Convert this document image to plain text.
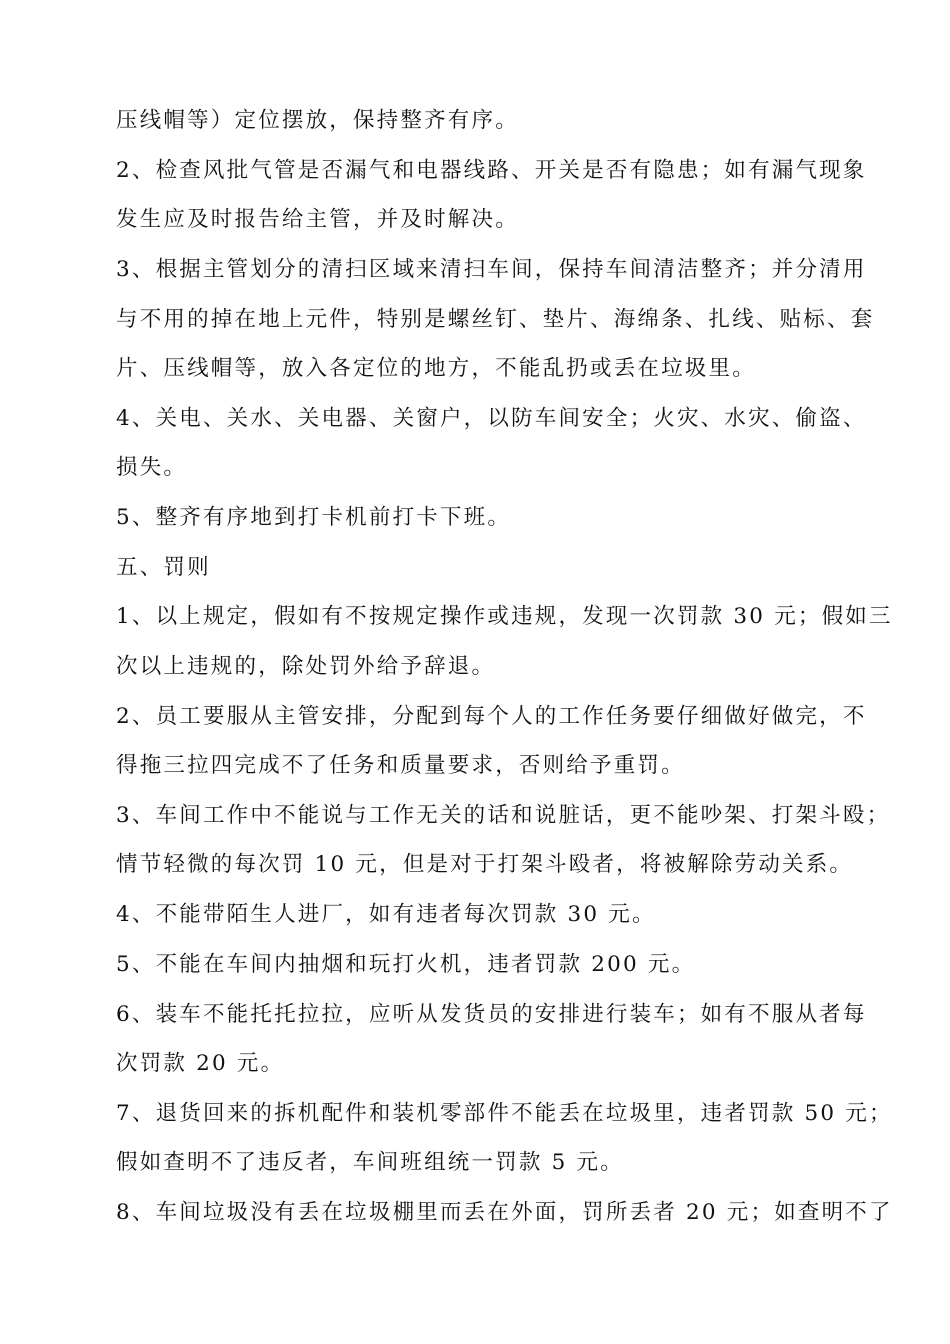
压线帽等）定位摆放，保持整齐有序。
2、检查风批气管是否漏气和电器线路、开关是否有隐患；如有漏气现象
发生应及时报告给主管，并及时解决。
3、根据主管划分的清扫区域来清扫车间，保持车间清洁整齐；并分清用
与不用的掉在地上元件，特别是螺丝钉、垫片、海绵条、扎线、贴标、套
片、压线帽等，放入各定位的地方，不能乱扔或丢在垃圾里。
4、关电、关水、关电器、关窗户，以防车间安全；火灾、水灾、偷盗、
损失。
5、整齐有序地到打卡机前打卡下班。
五、罚则
1、以上规定，假如有不按规定操作或违规，发现一次罚款 30 元；假如三
次以上违规的，除处罚外给予辞退。
2、员工要服从主管安排，分配到每个人的工作任务要仔细做好做完，不
得拖三拉四完成不了任务和质量要求，否则给予重罚。
3、车间工作中不能说与工作无关的话和说脏话，更不能吵架、打架斗殴；
情节轻微的每次罚 10 元，但是对于打架斗殴者，将被解除劳动关系。
4、不能带陌生人进厂，如有违者每次罚款 30 元。
5、不能在车间内抽烟和玩打火机，违者罚款 200 元。
6、装车不能托托拉拉，应听从发货员的安排进行装车；如有不服从者每
次罚款 20 元。
7、退货回来的拆机配件和装机零部件不能丢在垃圾里，违者罚款 50 元；
假如查明不了违反者，车间班组统一罚款 5 元。
8、车间垃圾没有丢在垃圾棚里而丢在外面，罚所丢者 20 元；如查明不了
